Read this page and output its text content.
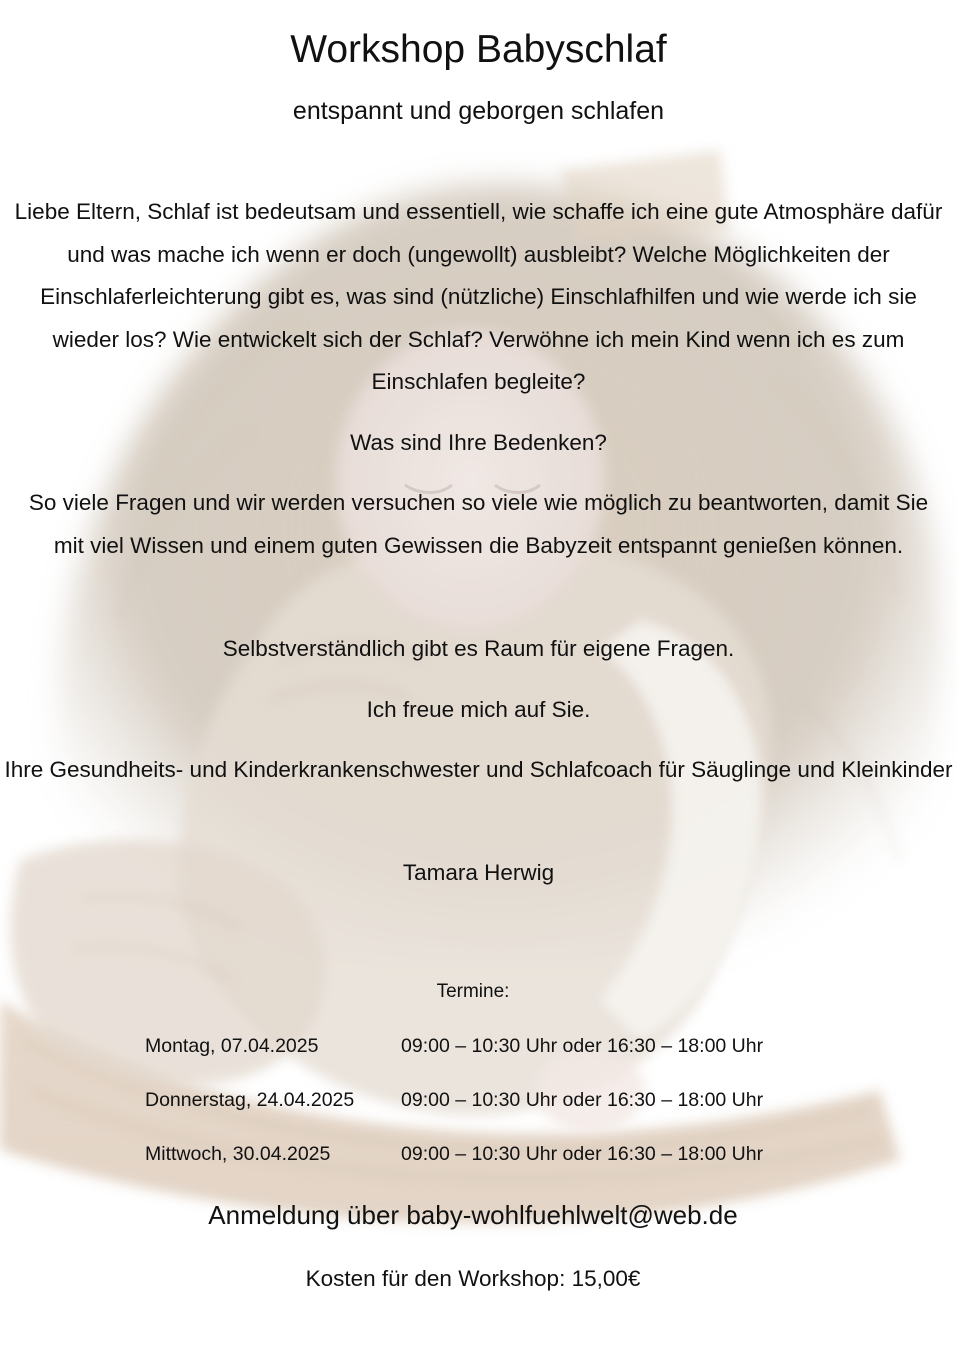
Workshop Babyschlaf

entspannt und geborgen schlafen

Liebe Eltern, Schlaf ist bedeutsam und essentiell, wie schaffe ich eine gute Atmosphäre dafür und was mache ich wenn er doch (ungewollt) ausbleibt? Welche Möglichkeiten der Einschlaferleichterung gibt es, was sind (nützliche) Einschlafhilfen und wie werde ich sie wieder los? Wie entwickelt sich der Schlaf? Verwöhne ich mein Kind wenn ich es zum Einschlafen begleite?

Was sind Ihre Bedenken?

So viele Fragen und wir werden versuchen so viele wie möglich zu beantworten, damit Sie mit viel Wissen und einem guten Gewissen die Babyzeit entspannt genießen können.

Selbstverständlich gibt es Raum für eigene Fragen.

Ich freue mich auf Sie.

Ihre Gesundheits- und Kinderkrankenschwester und Schlafcoach für Säuglinge und Kleinkinder

Tamara Herwig

Termine:

Montag, 07.04.2025	09:00 – 10:30 Uhr oder 16:30 – 18:00 Uhr
Donnerstag, 24.04.2025 09:00 – 10:30 Uhr oder 16:30 – 18:00 Uhr
Mittwoch, 30.04.2025	09:00 – 10:30 Uhr oder 16:30 – 18:00 Uhr

Anmeldung über baby-wohlfuehlwelt@web.de

Kosten für den Workshop: 15,00€
